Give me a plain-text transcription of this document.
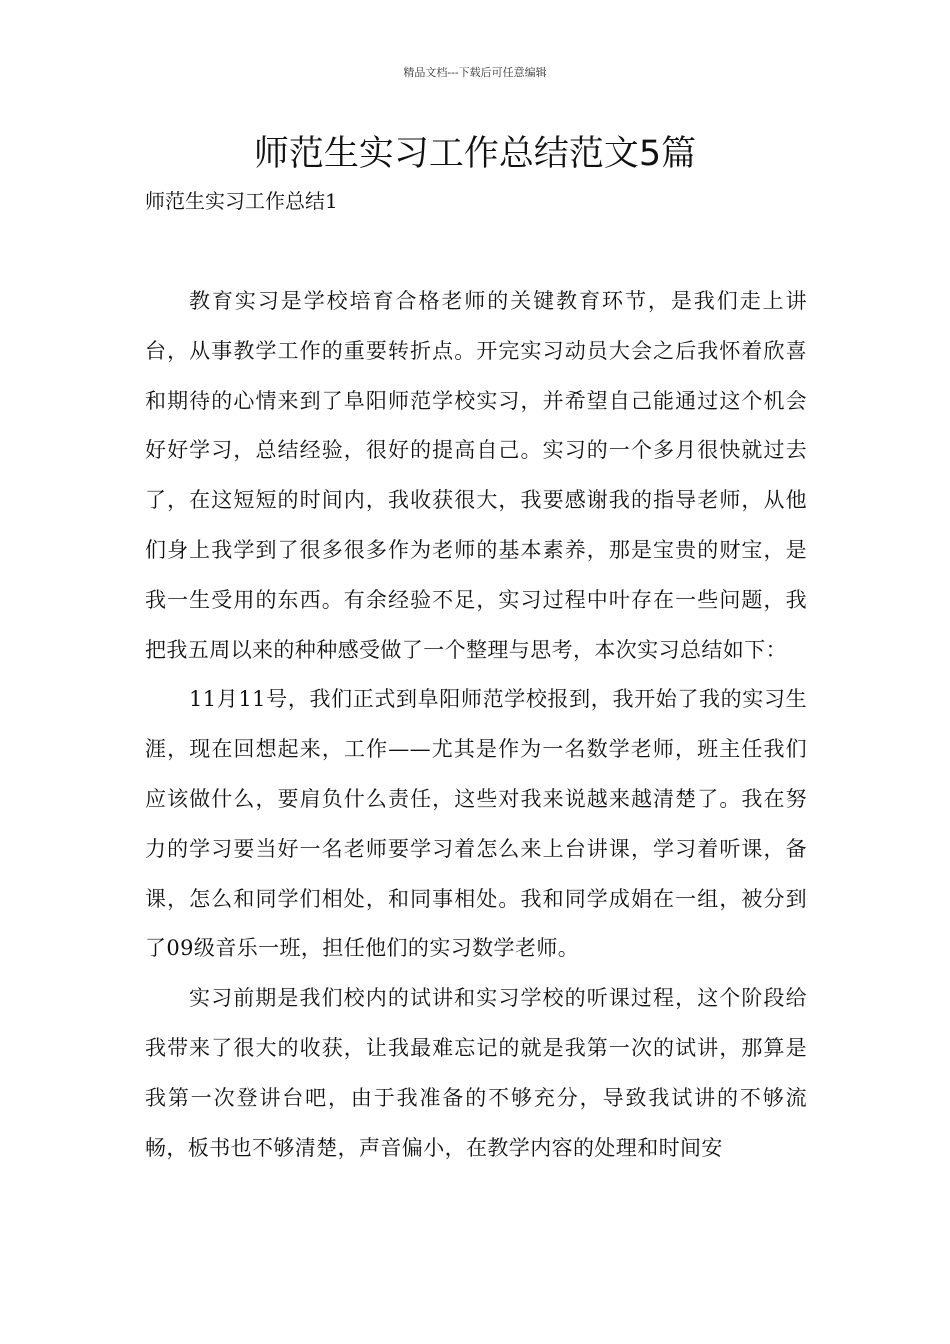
精品文档---下载后可任意编辑
师范生实习工作总结范文5篇
师范生实习工作总结1

教育实习是学校培育合格老师的关键教育环节，是我们走上讲台，从事教学工作的重要转折点。开完实习动员大会之后我怀着欣喜和期待的心情来到了阜阳师范学校实习，并希望自己能通过这个机会好好学习，总结经验，很好的提高自己。实习的一个多月很快就过去了，在这短短的时间内，我收获很大，我要感谢我的指导老师，从他们身上我学到了很多很多作为老师的基本素养，那是宝贵的财宝，是我一生受用的东西。有余经验不足，实习过程中叶存在一些问题，我把我五周以来的种种感受做了一个整理与思考，本次实习总结如下：

11月11号，我们正式到阜阳师范学校报到，我开始了我的实习生涯，现在回想起来，工作——尤其是作为一名数学老师，班主任我们应该做什么，要肩负什么责任，这些对我来说越来越清楚了。我在努力的学习要当好一名老师要学习着怎么来上台讲课，学习着听课，备课，怎么和同学们相处，和同事相处。我和同学成娟在一组，被分到了09级音乐一班，担任他们的实习数学老师。

实习前期是我们校内的试讲和实习学校的听课过程，这个阶段给我带来了很大的收获，让我最难忘记的就是我第一次的试讲，那算是我第一次登讲台吧，由于我准备的不够充分，导致我试讲的不够流畅，板书也不够清楚，声音偏小，在教学内容的处理和时间安
